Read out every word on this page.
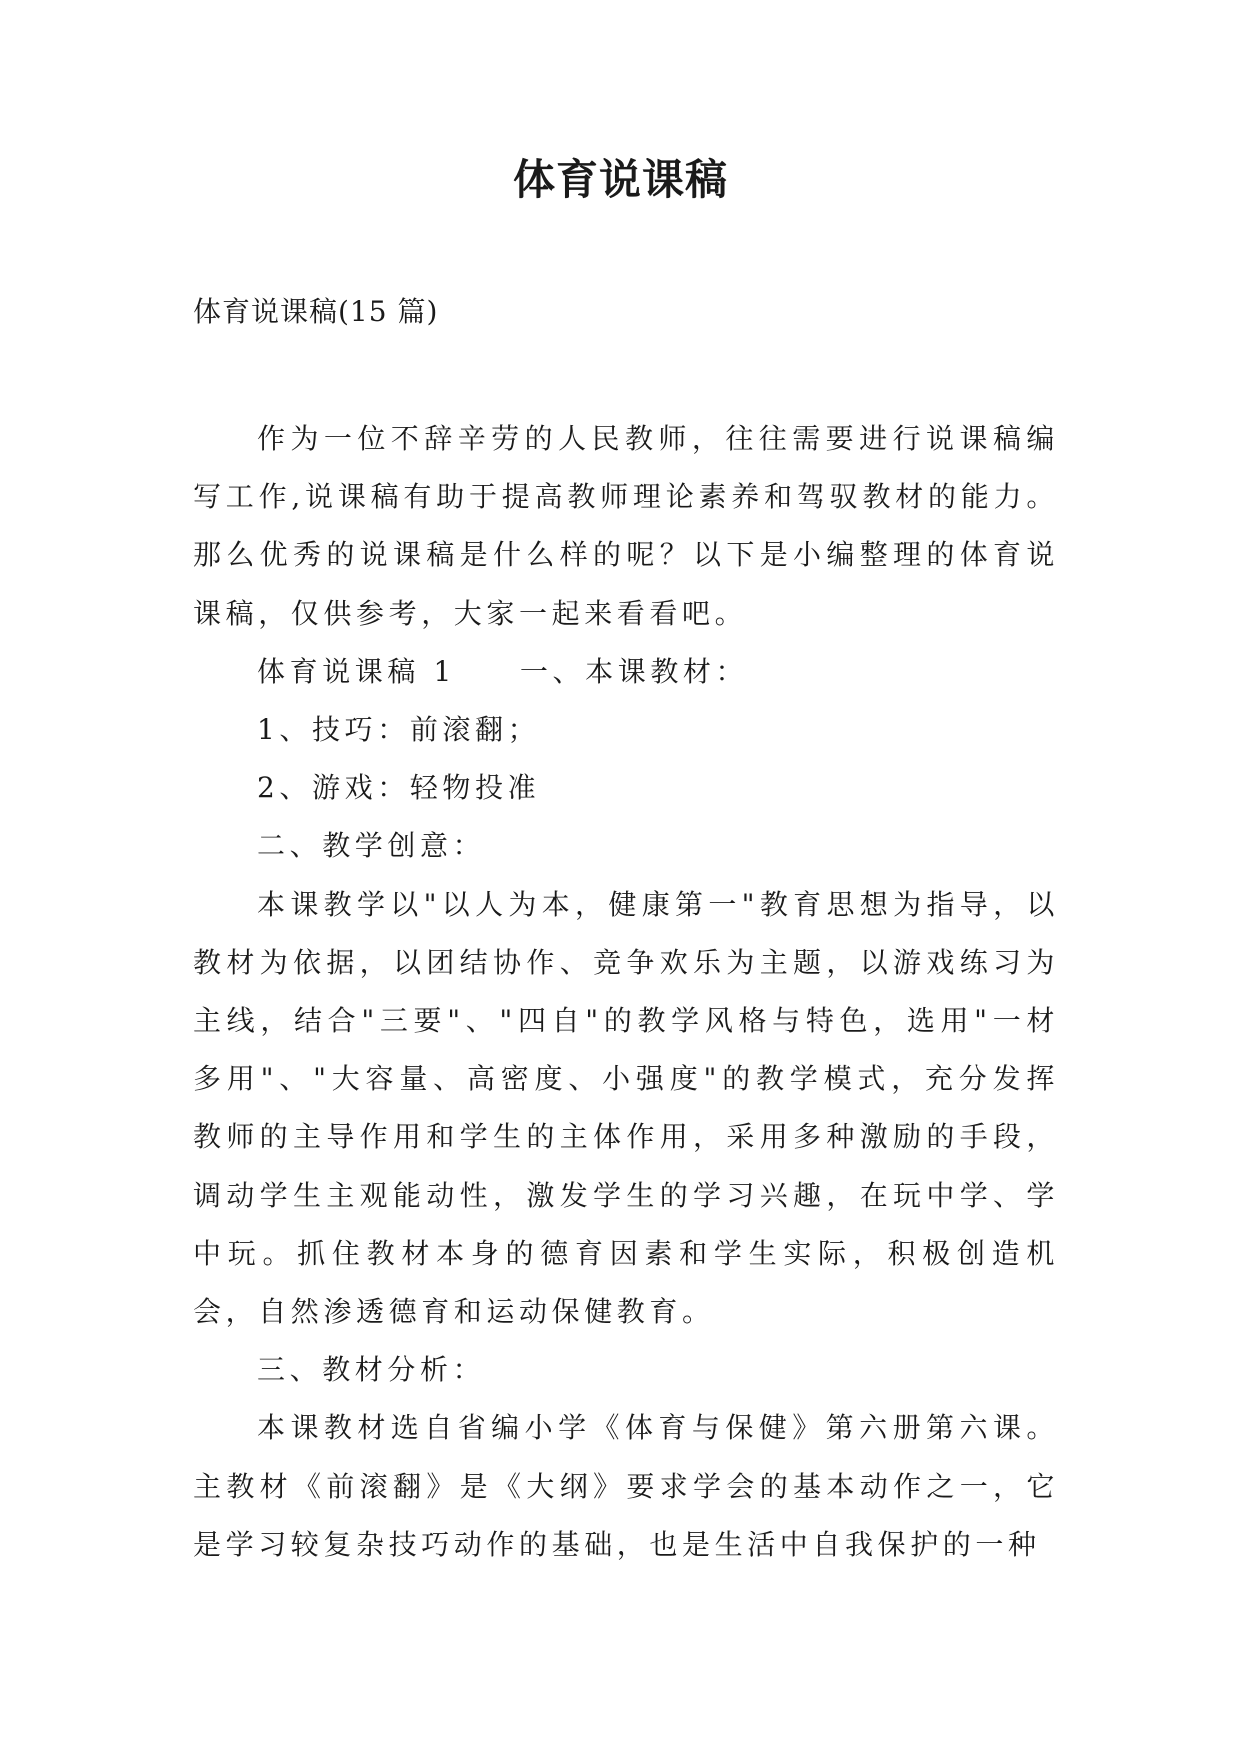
体育说课稿

体育说课稿(15 篇)

作为一位不辞辛劳的人民教师，往往需要进行说课稿编写工作,说课稿有助于提高教师理论素养和驾驭教材的能力。那么优秀的说课稿是什么样的呢？以下是小编整理的体育说课稿，仅供参考，大家一起来看看吧。

体育说课稿 1 一、本课教材：

1、技巧：前滚翻；

2、游戏：轻物投准

二、教学创意：

本课教学以"以人为本，健康第一"教育思想为指导，以教材为依据，以团结协作、竞争欢乐为主题，以游戏练习为主线，结合"三要"、"四自"的教学风格与特色，选用"一材多用"、"大容量、高密度、小强度"的教学模式，充分发挥教师的主导作用和学生的主体作用，采用多种激励的手段，调动学生主观能动性，激发学生的学习兴趣，在玩中学、学中玩。抓住教材本身的德育因素和学生实际，积极创造机会，自然渗透德育和运动保健教育。

三、教材分析：

本课教材选自省编小学《体育与保健》第六册第六课。主教材《前滚翻》是《大纲》要求学会的基本动作之一，它是学习较复杂技巧动作的基础，也是生活中自我保护的一种
